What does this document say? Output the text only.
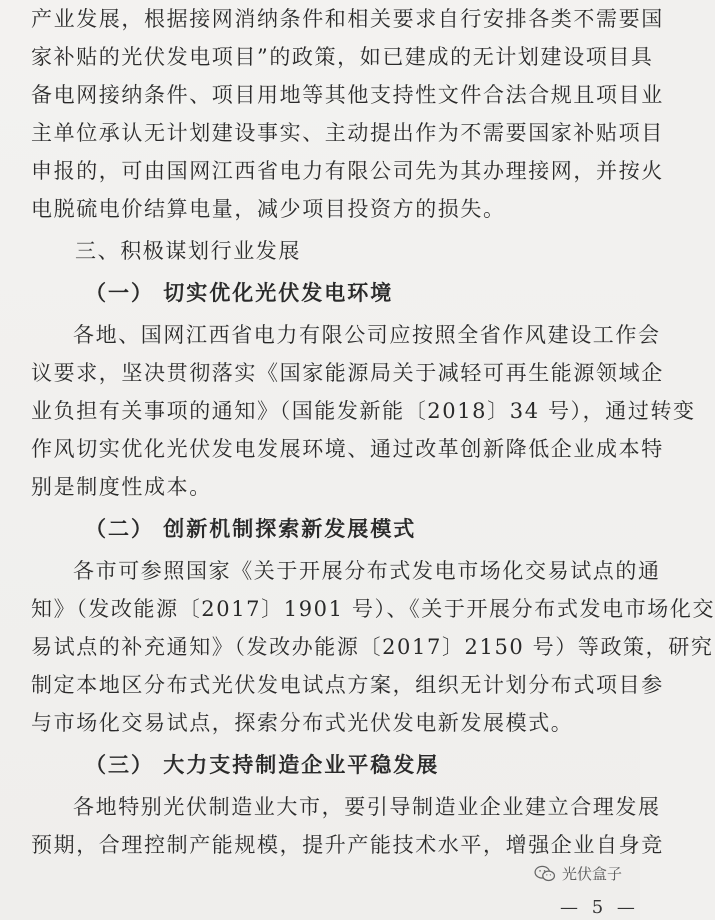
产业发展，根据接网消纳条件和相关要求自行安排各类不需要国
家补贴的光伏发电项目”的政策，如已建成的无计划建设项目具
备电网接纳条件、项目用地等其他支持性文件合法合规且项目业
主单位承认无计划建设事实、主动提出作为不需要国家补贴项目
申报的，可由国网江西省电力有限公司先为其办理接网，并按火
电脱硫电价结算电量，减少项目投资方的损失。
三、积极谋划行业发展
（一） 切实优化光伏发电环境
各地、国网江西省电力有限公司应按照全省作风建设工作会
议要求，坚决贯彻落实《国家能源局关于减轻可再生能源领域企
业负担有关事项的通知》（国能发新能〔2018〕34 号），通过转变
作风切实优化光伏发电发展环境、通过改革创新降低企业成本特
别是制度性成本。
（二） 创新机制探索新发展模式
各市可参照国家《关于开展分布式发电市场化交易试点的通
知》（发改能源〔2017〕1901 号）、《关于开展分布式发电市场化交
易试点的补充通知》（发改办能源〔2017〕2150 号）等政策，研究
制定本地区分布式光伏发电试点方案，组织无计划分布式项目参
与市场化交易试点，探索分布式光伏发电新发展模式。
（三） 大力支持制造企业平稳发展
各地特别光伏制造业大市，要引导制造业企业建立合理发展
预期，合理控制产能规模，提升产能技术水平，增强企业自身竞
光伏盒子
— 5 —
